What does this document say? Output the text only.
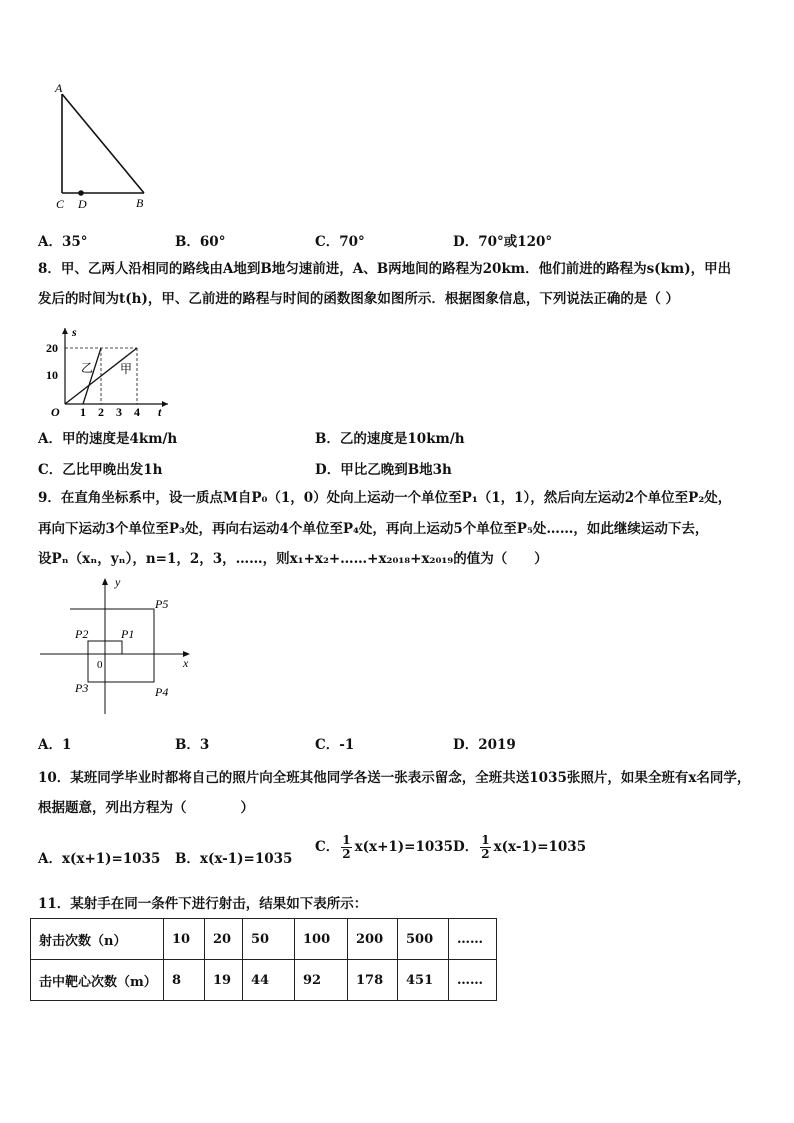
A
C D	B
A．35°	B．60°	C．70°	D．70°或120°
8．甲、乙两人沿相同的路线由A地到B地匀速前进，A、B两地间的路程为20km．他们前进的路程为s(km)，甲出
发后的时间为t(h)，甲、乙前进的路程与时间的函数图象如图所示．根据图象信息，下列说法正确的是（ ）
s
t
O
20
10
1 2 3 4
乙 甲
A．甲的速度是4km/h	B．乙的速度是10km/h
C．乙比甲晚出发1h	D．甲比乙晚到B地3h
9．在直角坐标系中，设一质点M自P₀（1，0）处向上运动一个单位至P₁（1，1），然后向左运动2个单位至P₂处，
再向下运动3个单位至P₃处，再向右运动4个单位至P₄处，再向上运动5个单位至P₅处……，如此继续运动下去，
设Pₙ（xₙ，yₙ），n=1，2，3，……，则x₁+x₂+……+x₂₀₁₈+x₂₀₁₉的值为（　　）
y
x
0
P1
P2
P3	P4
P5
A．1	B．3	C．-1	D．2019
10．某班同学毕业时都将自己的照片向全班其他同学各送一张表示留念，全班共送1035张照片，如果全班有x名同学，
根据题意，列出方程为（　　　　）
A．x(x+1)=1035 B．x(x-1)=1035
C． $\frac{1}{2} x(x+1)=1035$ D． $\frac{1}{2} x(x-1)=1035$
11．某射手在同一条件下进行射击，结果如下表所示：
射击次数（n）	10	20	50	100	200	500	……
击中靶心次数（m）	8	19	44	92	178	451	……
